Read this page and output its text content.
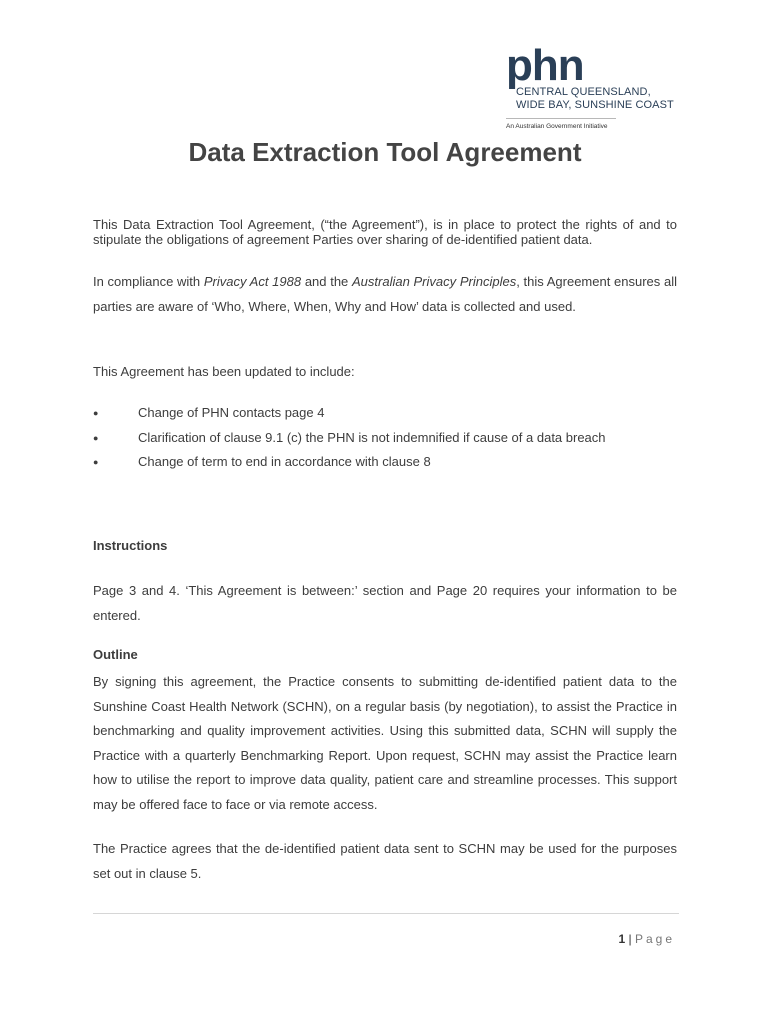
phn
CENTRAL QUEENSLAND,
WIDE BAY, SUNSHINE COAST
An Australian Government Initiative
Data Extraction Tool Agreement
This Data Extraction Tool Agreement, (“the Agreement”), is in place to protect the rights of and to stipulate the obligations of agreement Parties over sharing of de-identified patient data.
In compliance with Privacy Act 1988 and the Australian Privacy Principles, this Agreement ensures all parties are aware of ‘Who, Where, When, Why and How’ data is collected and used.
This Agreement has been updated to include:
●	Change of PHN contacts page 4
●	Clarification of clause 9.1 (c) the PHN is not indemnified if cause of a data breach
●	Change of term to end in accordance with clause 8
Instructions
Page 3 and 4. ‘This Agreement is between:’ section and Page 20 requires your information to be entered.
Outline
By signing this agreement, the Practice consents to submitting de-identified patient data to the Sunshine Coast Health Network (SCHN), on a regular basis (by negotiation), to assist the Practice in benchmarking and quality improvement activities. Using this submitted data, SCHN will supply the Practice with a quarterly Benchmarking Report. Upon request, SCHN may assist the Practice learn how to utilise the report to improve data quality, patient care and streamline processes. This support may be offered face to face or via remote access.
The Practice agrees that the de-identified patient data sent to SCHN may be used for the purposes set out in clause 5.
1 | Page
